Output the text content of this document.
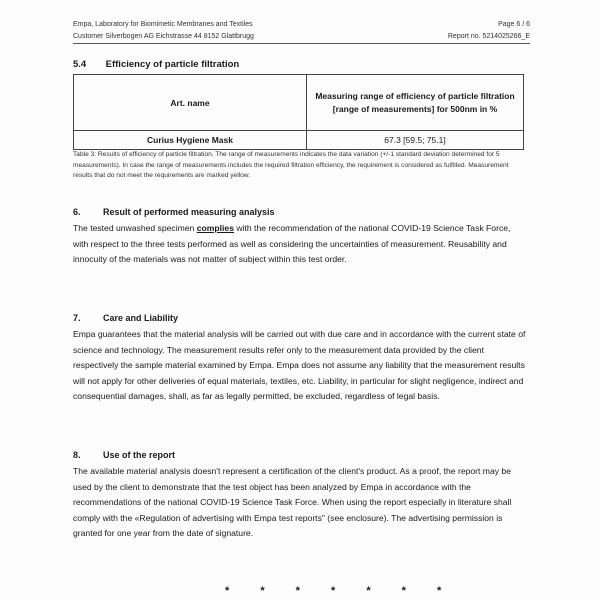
Empa, Laboratory for Biomimetic Membranes and Textiles	Page 6 / 6
Customer Silverbogen AG Eichstrasse 44 8152 Glattbrugg	Report no. 5214025266_E
5.4 Efficiency of particle filtration
Art. name	Measuring range of efficiency of particle filtration [range of measurements] for 500nm in %
Curius Hygiene Mask	67.3 [59.5; 75.1]
Table 3: Results of efficiency of particle filtration. The range of measurements indicates the data variation (+/-1 standard deviation determined for 5 measurements). In case the range of measurements includes the required filtration efficiency, the requirement is considered as fulfilled. Measurement results that do not meet the requirements are marked yellow.
6. Result of performed measuring analysis
The tested unwashed specimen complies with the recommendation of the national COVID-19 Science Task Force, with respect to the three tests performed as well as considering the uncertainties of measurement. Reusability and innocuity of the materials was not matter of subject within this test order.
7. Care and Liability
Empa guarantees that the material analysis will be carried out with due care and in accordance with the current state of science and technology. The measurement results refer only to the measurement data provided by the client respectively the sample material examined by Empa. Empa does not assume any liability that the measurement results will not apply for other deliveries of equal materials, textiles, etc. Liability, in particular for slight negligence, indirect and consequential damages, shall, as far as legally permitted, be excluded, regardless of legal basis.
8. Use of the report
The available material analysis doesn't represent a certification of the client's product. As a proof, the report may be used by the client to demonstrate that the test object has been analyzed by Empa in accordance with the recommendations of the national COVID-19 Science Task Force. When using the report especially in literature shall comply with the «Regulation of advertising with Empa test reports" (see enclosure). The advertising permission is granted for one year from the date of signature.
* * * * * * *
